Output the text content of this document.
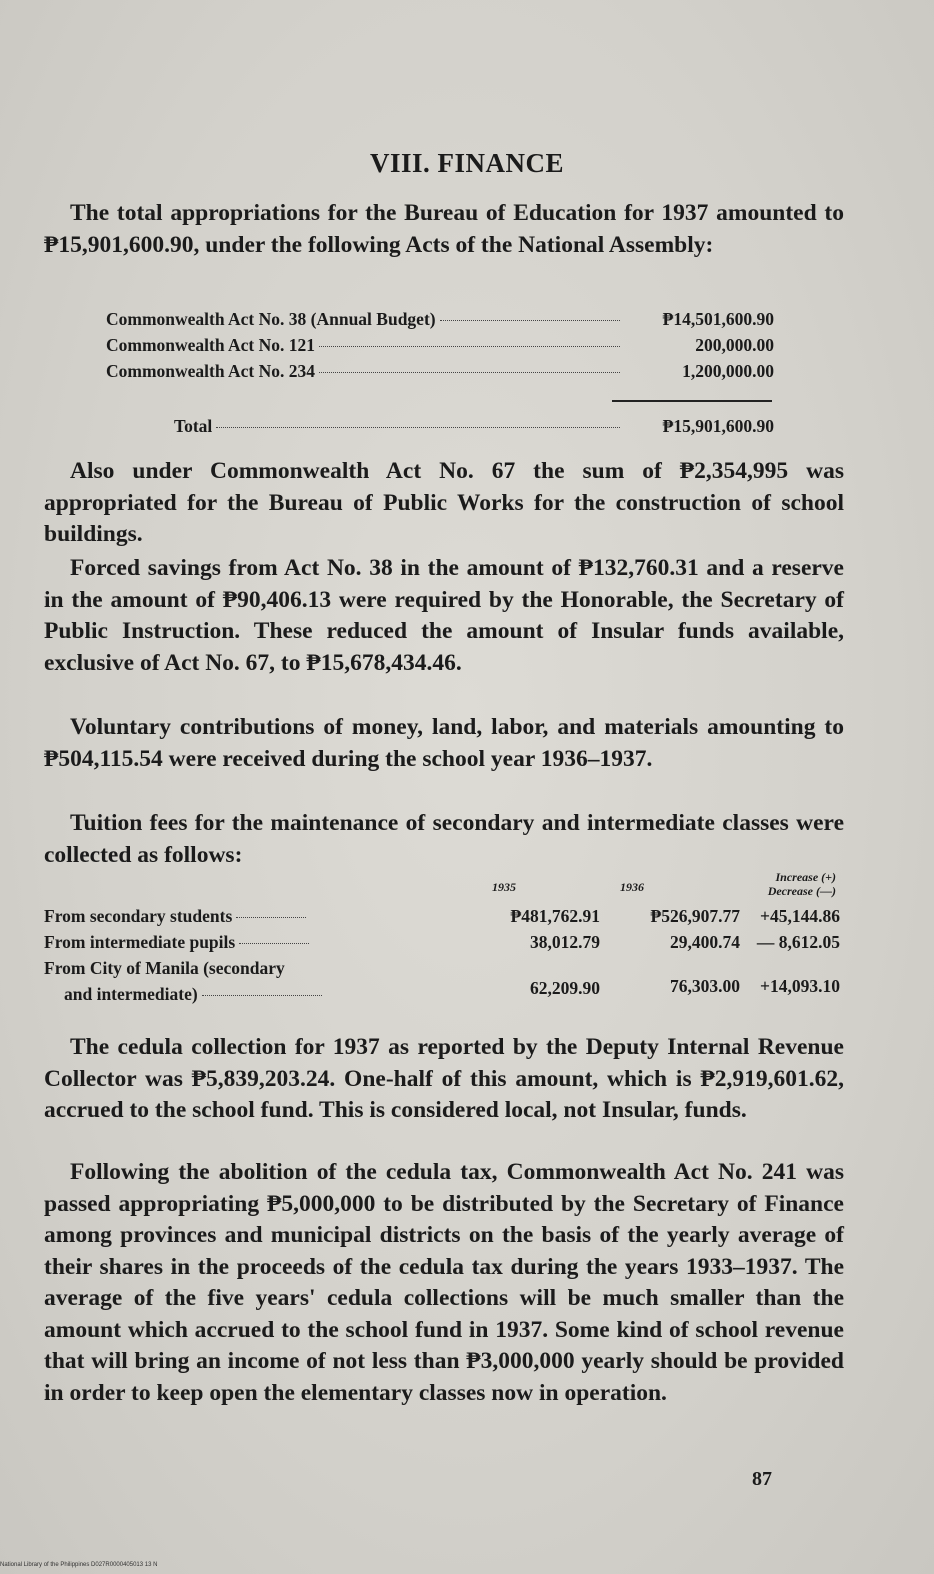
VIII. FINANCE

The total appropriations for the Bureau of Education for 1937 amounted to ₱15,901,600.90, under the following Acts of the National Assembly:

Commonwealth Act No. 38 (Annual Budget)	₱14,501,600.90
Commonwealth Act No. 121	200,000.00
Commonwealth Act No. 234	1,200,000.00
Total	₱15,901,600.90

Also under Commonwealth Act No. 67 the sum of ₱2,354,995 was appropriated for the Bureau of Public Works for the construction of school buildings.

Forced savings from Act No. 38 in the amount of ₱132,760.31 and a reserve in the amount of ₱90,406.13 were required by the Honorable, the Secretary of Public Instruction. These reduced the amount of Insular funds available, exclusive of Act No. 67, to ₱15,678,434.46.

Voluntary contributions of money, land, labor, and materials amounting to ₱504,115.54 were received during the school year 1936–1937.

Tuition fees for the maintenance of secondary and intermediate classes were collected as follows:

1935	1936
Increase (+)
Decrease (—)
From secondary students	₱481,762.91	₱526,907.77 +45,144.86
From intermediate pupils	38,012.79	29,400.74 — 8,612.05
From City of Manila (secondary
and intermediate)	62,209.90	76,303.00 +14,093.10

The cedula collection for 1937 as reported by the Deputy Internal Revenue Collector was ₱5,839,203.24. One-half of this amount, which is ₱2,919,601.62, accrued to the school fund. This is considered local, not Insular, funds.

Following the abolition of the cedula tax, Commonwealth Act No. 241 was passed appropriating ₱5,000,000 to be distributed by the Secretary of Finance among provinces and municipal districts on the basis of the yearly average of their shares in the proceeds of the cedula tax during the years 1933–1937. The average of the five years' cedula collections will be much smaller than the amount which accrued to the school fund in 1937. Some kind of school revenue that will bring an income of not less than ₱3,000,000 yearly should be provided in order to keep open the elementary classes now in operation.

87
National Library of the Philippines D027R0000405013 13 N
